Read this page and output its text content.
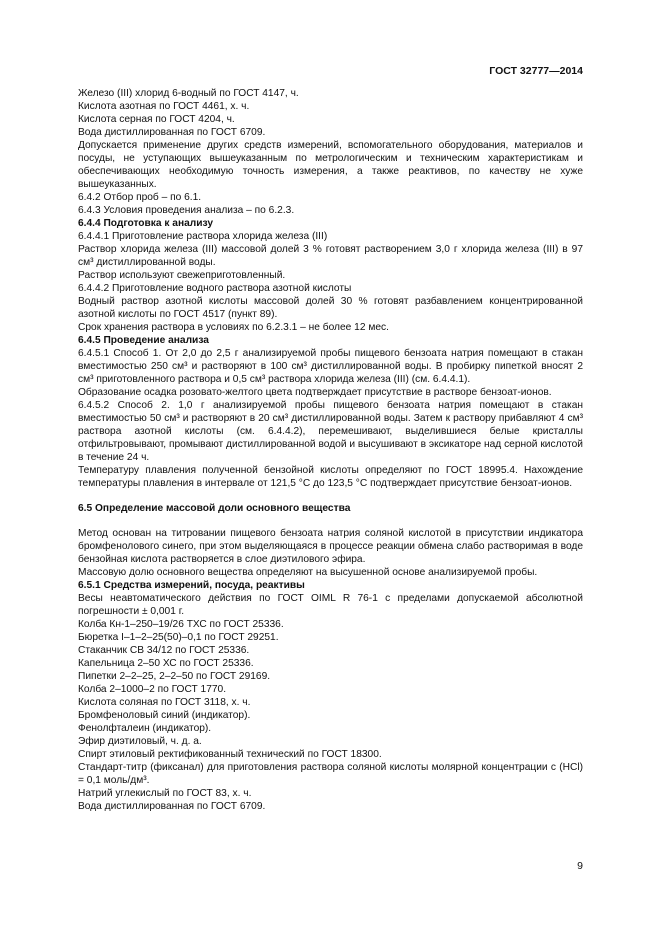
ГОСТ 32777—2014

Железо (III) хлорид 6-водный по ГОСТ 4147, ч.

Кислота азотная по ГОСТ 4461, х. ч.

Кислота серная по ГОСТ 4204, ч.

Вода дистиллированная по ГОСТ 6709.

Допускается применение других средств измерений, вспомогательного оборудования, материалов и посуды, не уступающих вышеуказанным по метрологическим и техническим характеристикам и обеспечивающих необходимую точность измерения, а также реактивов, по качеству не хуже вышеуказанных.

6.4.2 Отбор проб – по 6.1.

6.4.3 Условия проведения анализа – по 6.2.3.

6.4.4 Подготовка к анализу

6.4.4.1 Приготовление раствора хлорида железа (III)

Раствор хлорида железа (III) массовой долей 3 % готовят растворением 3,0 г хлорида железа (III) в 97 см³ дистиллированной воды.

Раствор используют свежеприготовленный.

6.4.4.2 Приготовление водного раствора азотной кислоты

Водный раствор азотной кислоты массовой долей 30 % готовят разбавлением концентрированной азотной кислоты по ГОСТ 4517 (пункт 89).

Срок хранения раствора в условиях по 6.2.3.1 – не более 12 мес.

6.4.5 Проведение анализа

6.4.5.1 Способ 1. От 2,0 до 2,5 г анализируемой пробы пищевого бензоата натрия помещают в стакан вместимостью 250 см³ и растворяют в 100 см³ дистиллированной воды. В пробирку пипеткой вносят 2 см³ приготовленного раствора и 0,5 см³ раствора хлорида железа (III) (см. 6.4.4.1).

Образование осадка розовато-желтого цвета подтверждает присутствие в растворе бензоат-ионов.

6.4.5.2 Способ 2. 1,0 г анализируемой пробы пищевого бензоата натрия помещают в стакан вместимостью 50 см³ и растворяют в 20 см³ дистиллированной воды. Затем к раствору прибавляют 4 см³ раствора азотной кислоты (см. 6.4.4.2), перемешивают, выделившиеся белые кристаллы отфильтровывают, промывают дистиллированной водой и высушивают в эксикаторе над серной кислотой в течение 24 ч.

Температуру плавления полученной бензойной кислоты определяют по ГОСТ 18995.4. Нахождение температуры плавления в интервале от 121,5 °С до 123,5 °С подтверждает присутствие бензоат-ионов.

6.5 Определение массовой доли основного вещества

Метод основан на титровании пищевого бензоата натрия соляной кислотой в присутствии индикатора бромфенолового синего, при этом выделяющаяся в процессе реакции обмена слабо растворимая в воде бензойная кислота растворяется в слое диэтилового эфира.

Массовую долю основного вещества определяют на высушенной основе анализируемой пробы.

6.5.1 Средства измерений, посуда, реактивы

Весы неавтоматического действия по ГОСТ OIML R 76-1 с пределами допускаемой абсолютной погрешности ± 0,001 г.

Колба Кн-1–250–19/26 ТХС по ГОСТ 25336.

Бюретка I–1–2–25(50)–0,1 по ГОСТ 29251.

Стаканчик СВ 34/12 по ГОСТ 25336.

Капельница 2–50 ХС по ГОСТ 25336.

Пипетки 2–2–25, 2–2–50 по ГОСТ 29169.

Колба 2–1000–2 по ГОСТ 1770.

Кислота соляная по ГОСТ 3118, х. ч.

Бромфеноловый синий (индикатор).

Фенолфталеин (индикатор).

Эфир диэтиловый, ч. д. а.

Спирт этиловый ректификованный технический по ГОСТ 18300.

Стандарт-титр (фиксанал) для приготовления раствора соляной кислоты молярной концентрации c (HCl) = 0,1 моль/дм³.

Натрий углекислый по ГОСТ 83, х. ч.

Вода дистиллированная по ГОСТ 6709.

9
